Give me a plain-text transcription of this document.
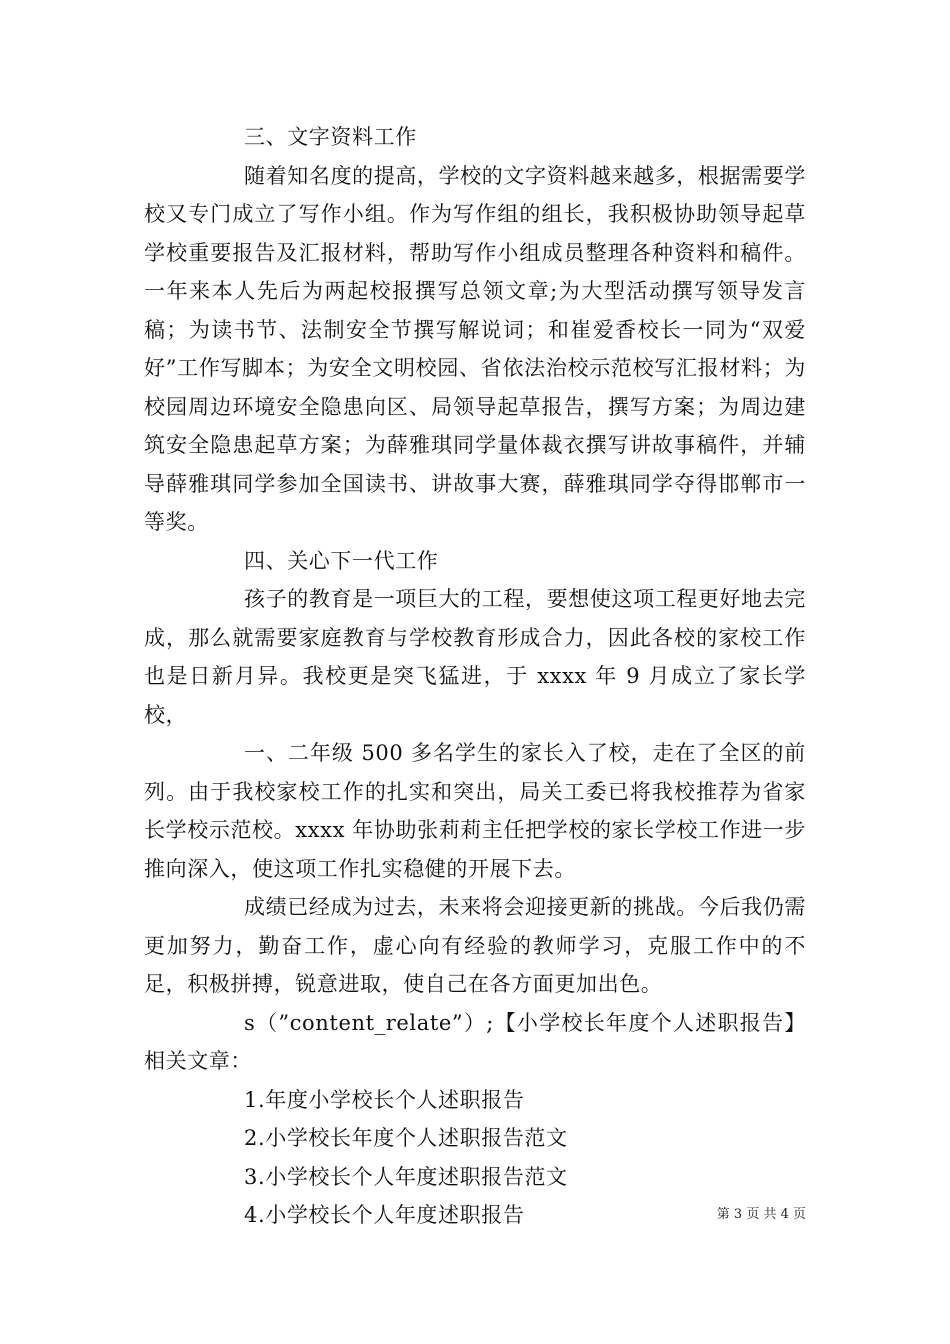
三、文字资料工作

随着知名度的提高，学校的文字资料越来越多，根据需要学校又专门成立了写作小组。作为写作组的组长，我积极协助领导起草学校重要报告及汇报材料，帮助写作小组成员整理各种资料和稿件。一年来本人先后为两起校报撰写总领文章;为大型活动撰写领导发言稿；为读书节、法制安全节撰写解说词；和崔爱香校长一同为“双爱好”工作写脚本；为安全文明校园、省依法治校示范校写汇报材料；为校园周边环境安全隐患向区、局领导起草报告，撰写方案；为周边建筑安全隐患起草方案；为薛雅琪同学量体裁衣撰写讲故事稿件，并辅导薛雅琪同学参加全国读书、讲故事大赛，薛雅琪同学夺得邯郸市一等奖。

四、关心下一代工作

孩子的教育是一项巨大的工程，要想使这项工程更好地去完成，那么就需要家庭教育与学校教育形成合力，因此各校的家校工作也是日新月异。我校更是突飞猛进，于 xxxx 年 9 月成立了家长学校，

一、二年级 500 多名学生的家长入了校，走在了全区的前列。由于我校家校工作的扎实和突出，局关工委已将我校推荐为省家长学校示范校。xxxx 年协助张莉莉主任把学校的家长学校工作进一步推向深入，使这项工作扎实稳健的开展下去。

成绩已经成为过去，未来将会迎接更新的挑战。今后我仍需更加努力，勤奋工作，虚心向有经验的教师学习，克服工作中的不足，积极拼搏，锐意进取，使自己在各方面更加出色。

s（”content_relate”）;【小学校长年度个人述职报告】相关文章：

1.年度小学校长个人述职报告
2.小学校长年度个人述职报告范文
3.小学校长个人年度述职报告范文
4.小学校长个人年度述职报告	第 3 页 共 4 页
